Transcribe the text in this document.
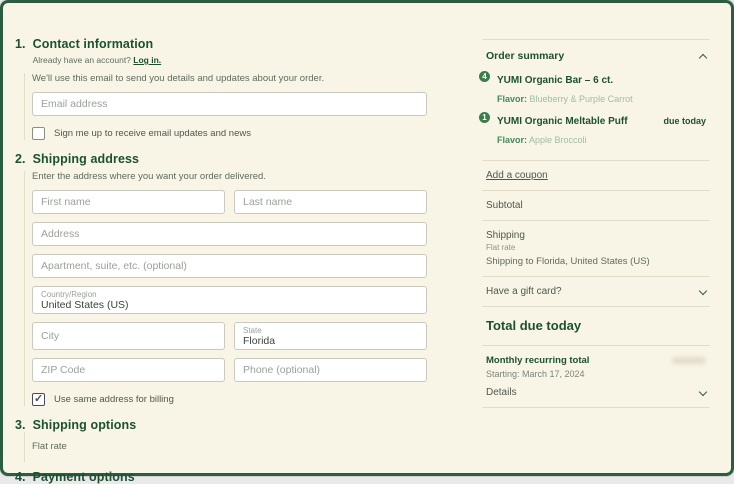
1. Contact information
Already have an account? Log in.
We'll use this email to send you details and updates about your order.
Email address
Sign me up to receive email updates and news
2. Shipping address
Enter the address where you want your order delivered.
First name	Last name
Address
Apartment, suite, etc. (optional)
Country/Region
United States (US)
City	State
Florida
ZIP Code	Phone (optional)
✓
Use same address for billing
3. Shipping options
Flat rate
4. Payment options
Order summary
4	YUMI Organic Bar – 6 ct.
Flavor: Blueberry & Purple Carrot
1	YUMI Organic Meltable Puff	due today
Flavor: Apple Broccoli
Add a coupon
Subtotal
Shipping
Flat rate
Shipping to Florida, United States (US)
Have a gift card?
Total due today
Monthly recurring total
Starting: March 17, 2024
Details
